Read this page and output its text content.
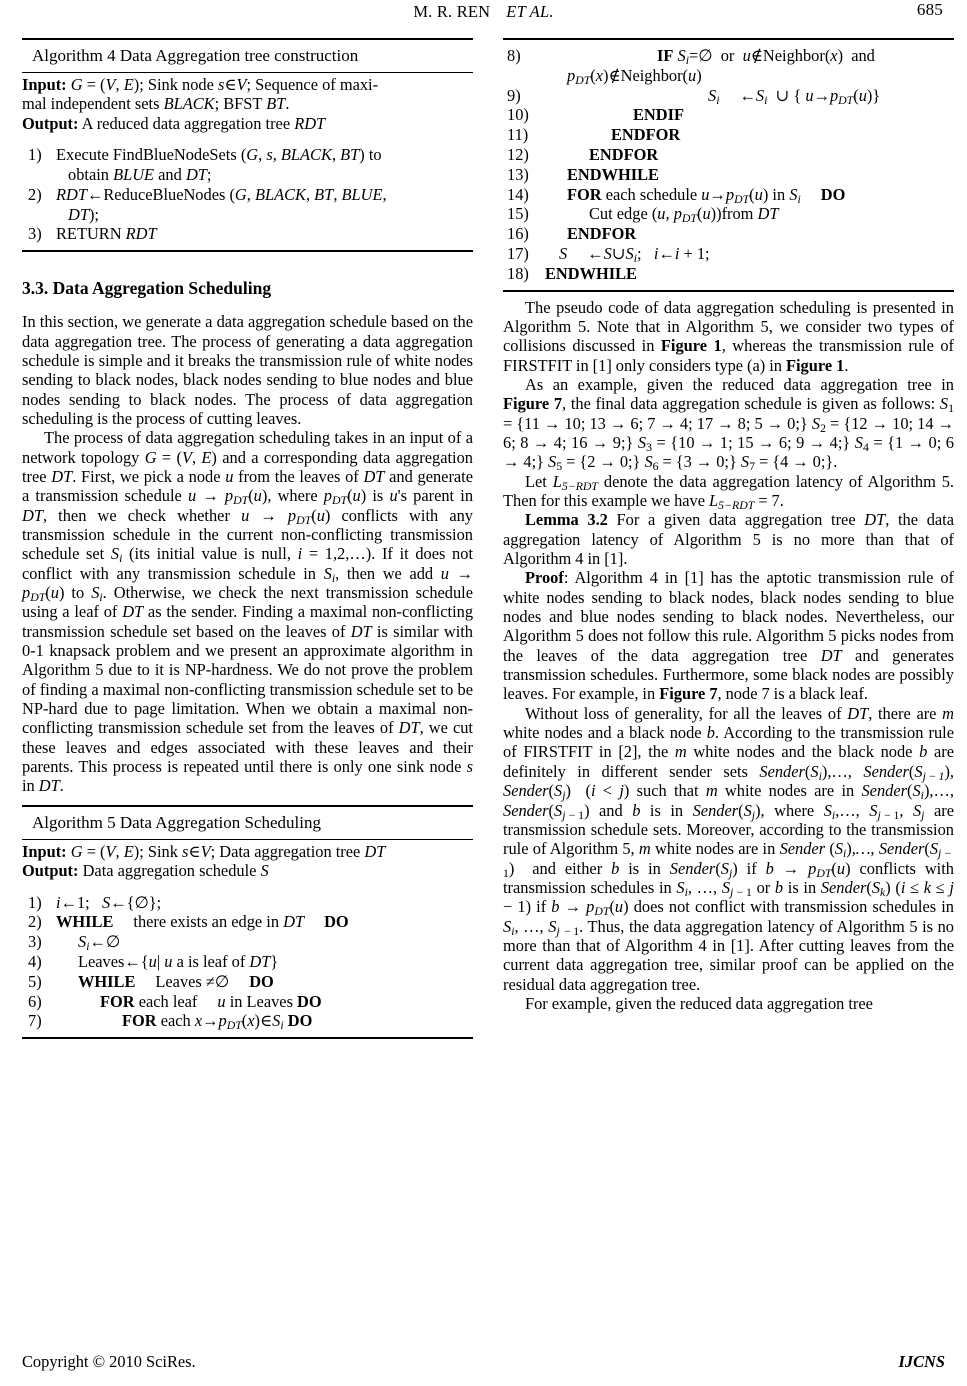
M. R. REN ET AL.	685
Algorithm 4 Data Aggregation tree construction
Input: G = (V, E); Sink node s∈V; Sequence of maxi-
mal independent sets BLACK; BFST BT.
Output: A reduced data aggregation tree RDT
1) Execute FindBlueNodeSets (G, s, BLACK, BT) to
obtain BLUE and DT;
2) RDT←ReduceBlueNodes (G, BLACK, BT, BLUE,
DT);
3) RETURN RDT
3.3. Data Aggregation Scheduling

In this section, we generate a data aggregation schedule based on the data aggregation tree. The process of generating a data aggregation schedule is simple and it breaks the transmission rule of white nodes sending to black nodes, black nodes sending to blue nodes and blue nodes sending to black nodes. The process of data aggregation scheduling is the process of cutting leaves.

The process of data aggregation scheduling takes in an input of a network topology G = (V, E) and a corresponding data aggregation tree DT. First, we pick a node u from the leaves of DT and generate a transmission schedule $u \to p_{DT}(u)$, where $p_{DT}(u)$ is u's parent in DT, then we check whether $u \to p_{DT}(u)$ conflicts with any transmission schedule in the current non-conflicting transmission schedule set $S_i$ (its initial value is null, i = 1,2,…). If it does not conflict with any transmission schedule in $S_i$, then we add $u \to p_{DT}(u)$ to $S_i$. Otherwise, we check the next transmission schedule using a leaf of DT as the sender. Finding a maximal non-conflicting transmission schedule set based on the leaves of DT is similar with 0-1 knapsack problem and we present an approximate algorithm in Algorithm 5 due to it is NP-hardness. We do not prove the problem of finding a maximal non-conflicting transmission schedule set to be NP-hard due to page limitation. When we obtain a maximal non-conflicting transmission schedule set from the leaves of DT, we cut these leaves and edges associated with these leaves and their parents. This process is repeated until there is only one sink node s in DT.

Algorithm 5 Data Aggregation Scheduling
Input: G = (V, E); Sink s∈V; Data aggregation tree DT
Output: Data aggregation schedule S
1) i←1;   S←{∅};
2) WHILE there exists an edge in DT DO
3)	$S_i\leftarrow\emptyset$
4)	Leaves←{u| u a is leaf of DT}
5)	WHILE Leaves ≠∅ DO
6)	FOR each leaf u in Leaves DO
7)	FOR each $x\to p_{DT}(x)\in S_i$ DO
8)	IF $S_i=\emptyset$  or  u∉Neighbor(x)  and
$p_{DT}(x)\notin Neighbor(u)$
9)	$S_i$ $\leftarrow S_i$  ∪ { $u\to p_{DT}(u)$}
10)	ENDIF
11)	ENDFOR
12)	ENDFOR
13)	ENDWHILE
14)	FOR each schedule $u\to p_{DT}(u)$ in $S_i$ DO
15)	Cut edge (u, $p_{DT}(u))from$ DT
16)	ENDFOR
17)	S $\leftarrow S\cup S_i$;   i←i + 1;
18) ENDWHILE

The pseudo code of data aggregation scheduling is presented in Algorithm 5. Note that in Algorithm 5, we consider two types of collisions discussed in Figure 1, whereas the transmission rule of FIRSTFIT in [1] only considers type (a) in Figure 1.

As an example, given the reduced data aggregation tree in Figure 7, the final data aggregation schedule is given as follows: $S_1 = \{11 \to 10$; 13 → 6; 7 → 4; 17 → 8; 5 → 0;} $S_2 = \{12 \to 10$; 14 → 6; 8 → 4; 16 → 9;} $S_3 = \{10 \to 1$; 15 → 6; 9 → 4;} $S_4 = \{1 \to 0$; 6 → 4;} $S_5 = \{2$ → 0;} $S_6 = \{3$ → 0;} $S_7 = \{4$ → 0;}.

Let $L_{5-RDT}$ denote the data aggregation latency of Algorithm 5. Then for this example we have $L_{5-RDT} = 7$.

Lemma 3.2 For a given data aggregation tree DT, the data aggregation latency of Algorithm 5 is no more than that of Algorithm 4 in [1].

Proof: Algorithm 4 in [1] has the aptotic transmission rule of white nodes sending to black nodes, black nodes sending to blue nodes and blue nodes sending to black nodes. Nevertheless, our Algorithm 5 does not follow this rule. Algorithm 5 picks nodes from the leaves of the data aggregation tree DT and generates transmission schedules. Furthermore, some black nodes are possibly leaves. For example, in Figure 7, node 7 is a black leaf.

Without loss of generality, for all the leaves of DT, there are m white nodes and a black node b. According to the transmission rule of FIRSTFIT in [2], the m white nodes and the black node b are definitely in different sender sets $Sender(S_i),\dots$, $Sender(S_{j - 1})$, $Sender(S_j) (i < j)$ such that m white nodes are in $Sender(S_i),\dots$, $Sender(S_{j -}$ $_1$) and b is in $Sender(S_j)$, where $S_i,\dots$, $S_{j -}$ $_1$, $S_j$ are transmission schedule sets. Moreover, according to the transmission rule of Algorithm 5, m white nodes are in Sender $(S_i),\dots$, $Sender(S_{j -}$ $_1$)  and either b is in $Sender(S_j)$ if $b \to p_{DT}(u)$ conflicts with transmission schedules in $S_i$, …, $S_{j -}$ $_1$ or b is in $Sender(S_k) (i \le k \le j - 1)$ if $b \to p_{DT}(u)$ does not conflict with transmission schedules in $S_i$, …, $S_j$ $_{- 1}$. Thus, the data aggregation latency of Algorithm 5 is no more than that of Algorithm 4 in [1]. After cutting leaves from the current data aggregation tree, similar proof can be applied on the residual data aggregation tree.

For example, given the reduced data aggregation tree

Copyright © 2010 SciRes.	IJCNS
